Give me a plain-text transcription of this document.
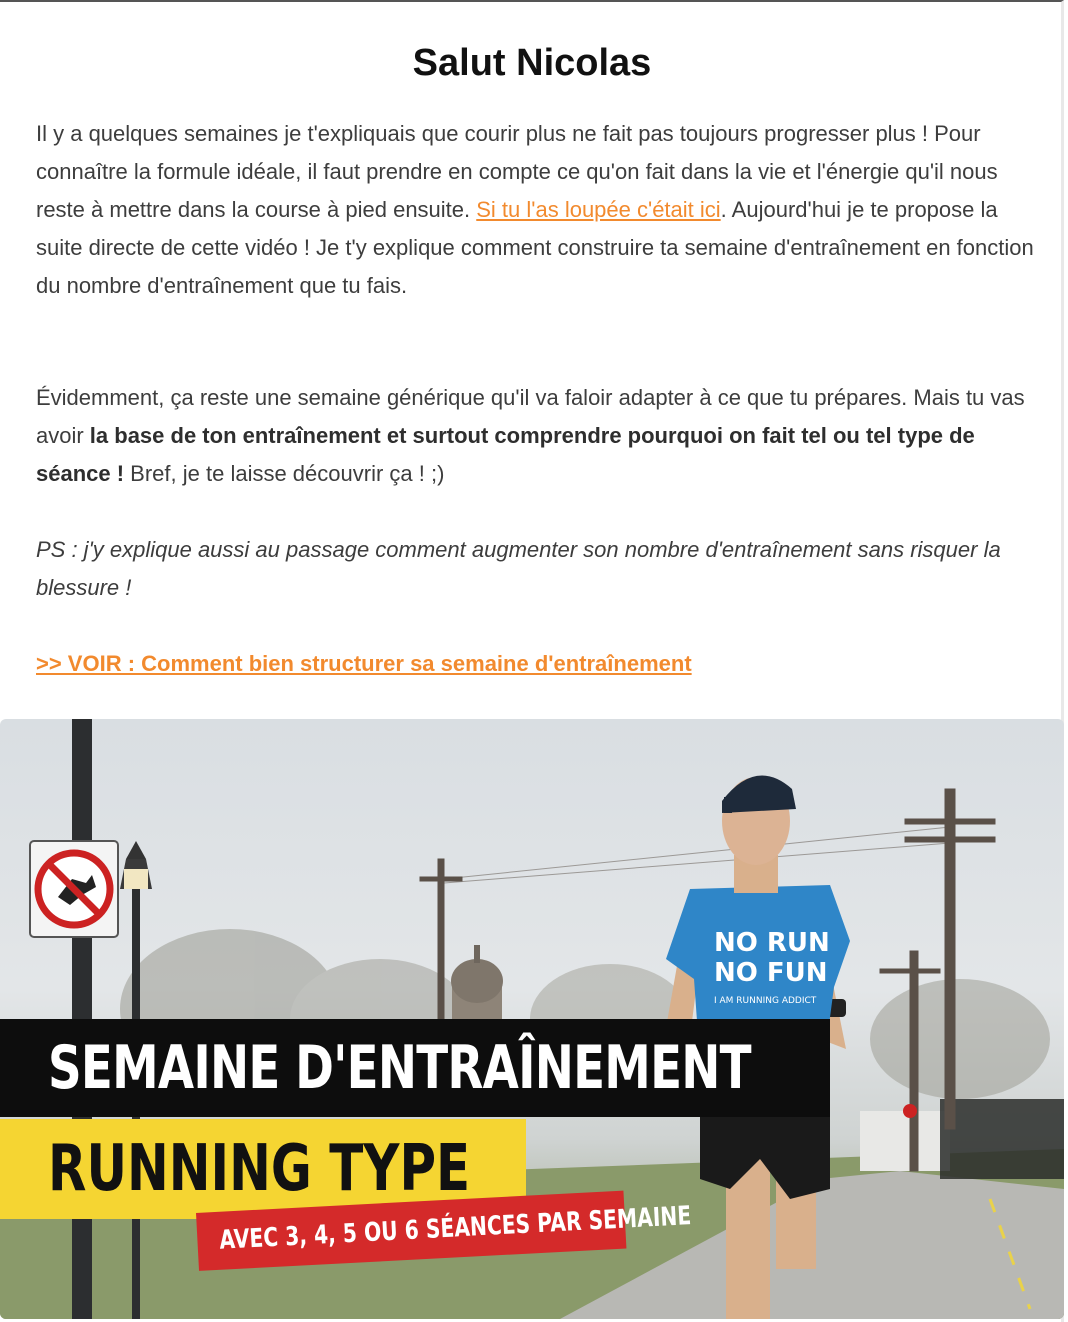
Salut Nicolas

Il y a quelques semaines je t'expliquais que courir plus ne fait pas toujours progresser plus ! Pour connaître la formule idéale, il faut prendre en compte ce qu'on fait dans la vie et l'énergie qu'il nous reste à mettre dans la course à pied ensuite. Si tu l'as loupée c'était ici. Aujourd'hui je te propose la suite directe de cette vidéo ! Je t'y explique comment construire ta semaine d'entraînement en fonction du nombre d'entraînement que tu fais.

Évidemment, ça reste une semaine générique qu'il va faloir adapter à ce que tu prépares. Mais tu vas avoir la base de ton entraînement et surtout comprendre pourquoi on fait tel ou tel type de séance ! Bref, je te laisse découvrir ça ! ;)

PS : j'y explique aussi au passage comment augmenter son nombre d'entraînement sans risquer la blessure !

>> VOIR : Comment bien structurer sa semaine d'entraînement

NO RUN
NO FUN
I AM RUNNING ADDICT
SEMAINE D'ENTRAÎNEMENT
RUNNING TYPE
AVEC 3, 4, 5 OU 6 SÉANCES PAR SEMAINE
